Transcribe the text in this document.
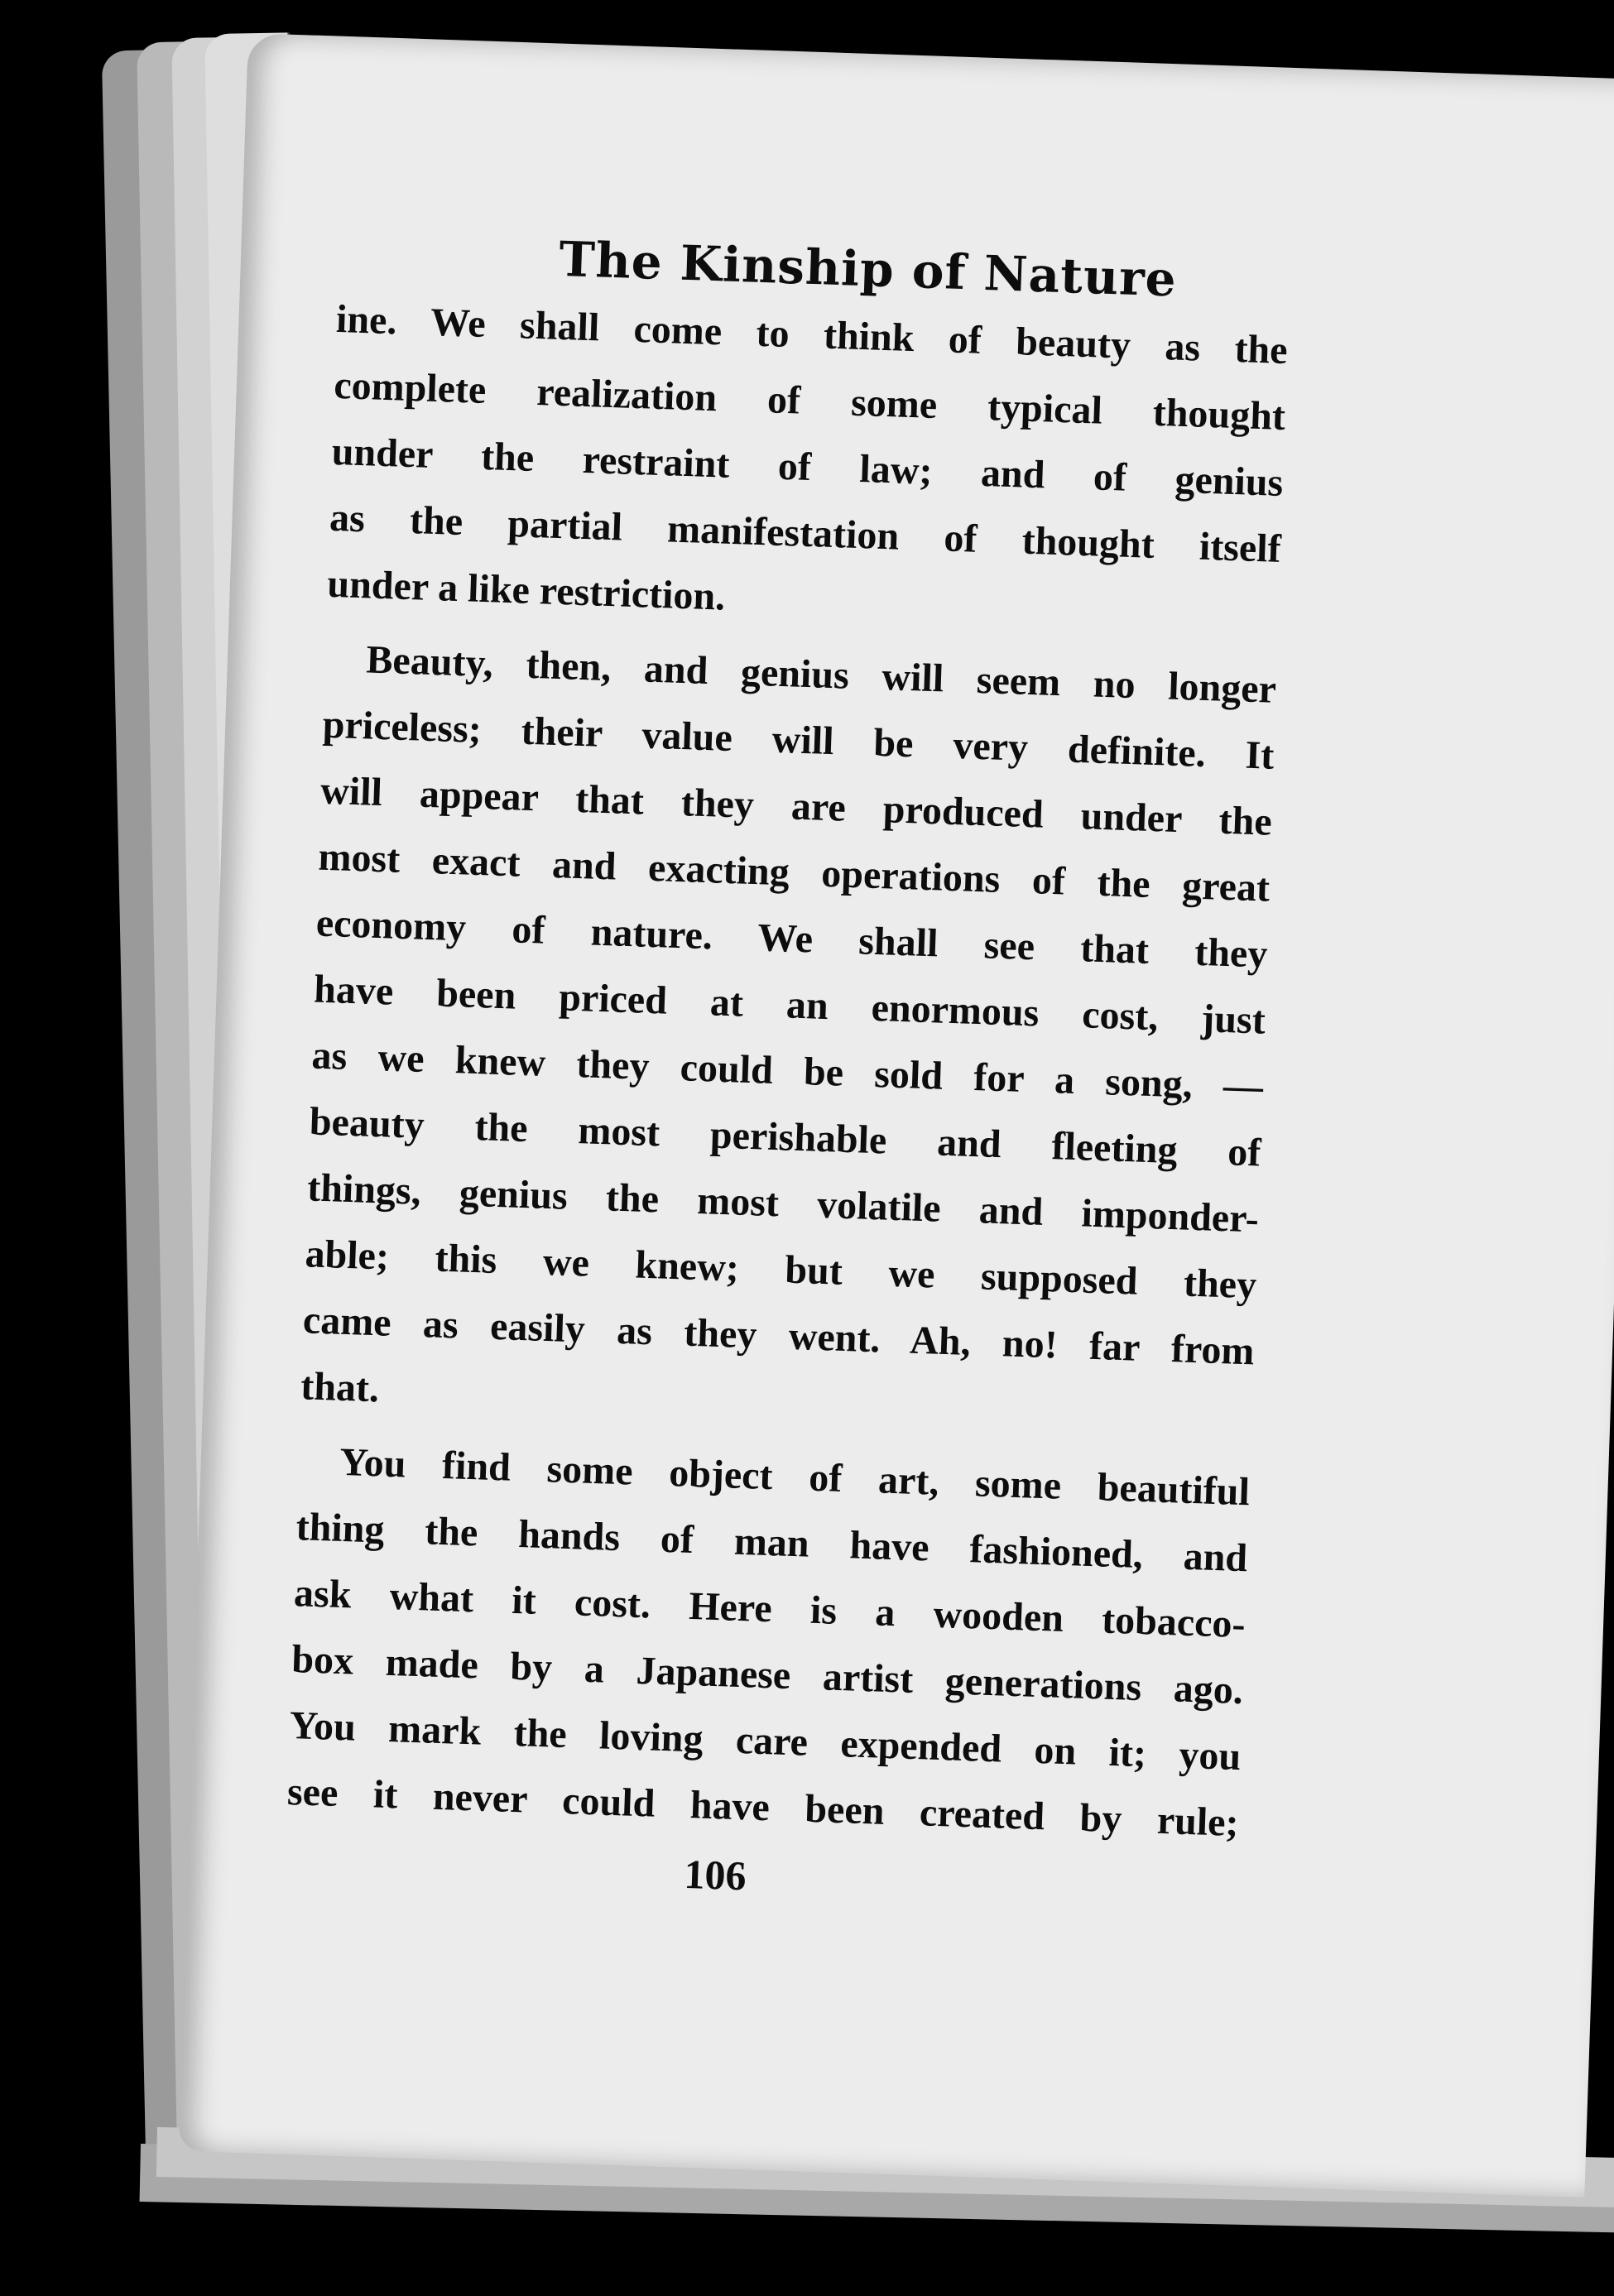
The Kinship of Nature
ine. We shall come to think of beauty as the
complete realization of some typical thought
under the restraint of law; and of genius
as the partial manifestation of thought itself
under a like restriction.
Beauty, then, and genius will seem no longer
priceless; their value will be very definite. It
will appear that they are produced under the
most exact and exacting operations of the great
economy of nature. We shall see that they
have been priced at an enormous cost, just
as we knew they could be sold for a song, —
beauty the most perishable and fleeting of
things, genius the most volatile and imponder-
able; this we knew; but we supposed they
came as easily as they went. Ah, no! far from
that.
You find some object of art, some beautiful
thing the hands of man have fashioned, and
ask what it cost. Here is a wooden tobacco-
box made by a Japanese artist generations ago.
You mark the loving care expended on it; you
see it never could have been created by rule;
106
